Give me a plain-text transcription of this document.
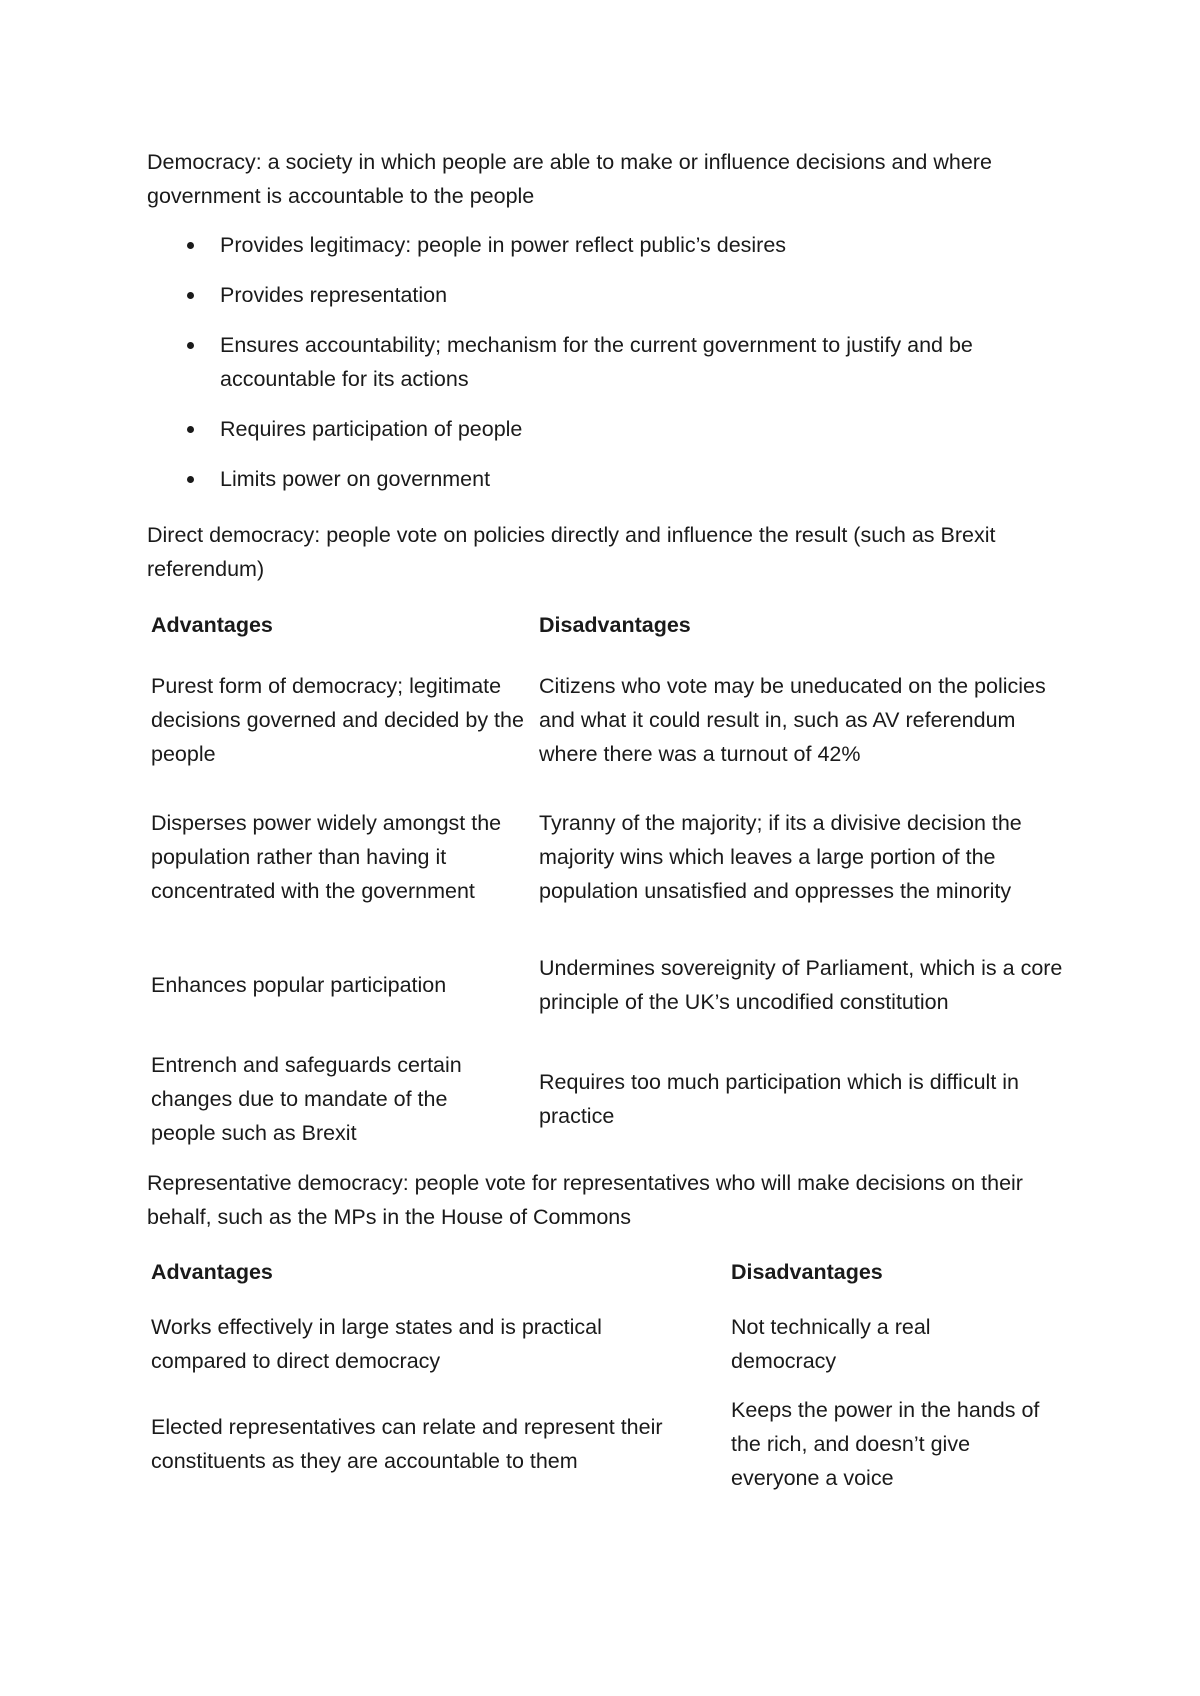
Democracy: a society in which people are able to make or influence decisions and where government is accountable to the people

Provides legitimacy: people in power reflect public’s desires
Provides representation
Ensures accountability; mechanism for the current government to justify and be accountable for its actions
Requires participation of people
Limits power on government

Direct democracy: people vote on policies directly and influence the result (such as Brexit referendum)

Advantages	Disadvantages
Purest form of democracy; legitimate decisions governed and decided by the people
Citizens who vote may be uneducated on the policies and what it could result in, such as AV referendum where there was a turnout of 42%
Disperses power widely amongst the population rather than having it concentrated with the government
Tyranny of the majority; if its a divisive decision the majority wins which leaves a large portion of the population unsatisfied and oppresses the minority
Enhances popular participation
Undermines sovereignity of Parliament, which is a core principle of the UK’s uncodified constitution
Entrench and safeguards certain changes due to mandate of the people such as Brexit
Requires too much participation which is difficult in practice

Representative democracy: people vote for representatives who will make decisions on their behalf, such as the MPs in the House of Commons

Advantages	Disadvantages
Works effectively in large states and is practical compared to direct democracy
Not technically a real democracy
Elected representatives can relate and represent their constituents as they are accountable to them
Keeps the power in the hands of the rich, and doesn’t give everyone a voice
